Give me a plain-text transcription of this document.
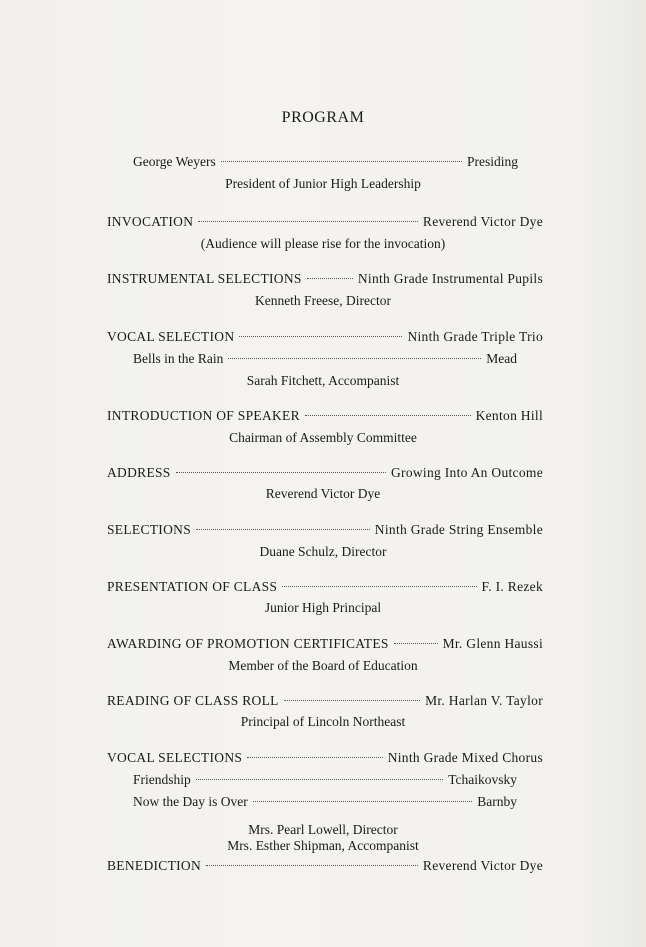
PROGRAM
George Weyers	Presiding
President of Junior High Leadership
INVOCATION	Reverend Victor Dye
(Audience will please rise for the invocation)
INSTRUMENTAL SELECTIONS	Ninth Grade Instrumental Pupils
Kenneth Freese, Director
VOCAL SELECTION	Ninth Grade Triple Trio
Bells in the Rain	Mead
Sarah Fitchett, Accompanist
INTRODUCTION OF SPEAKER	Kenton Hill
Chairman of Assembly Committee
ADDRESS	Growing Into An Outcome
Reverend Victor Dye
SELECTIONS	Ninth Grade String Ensemble
Duane Schulz, Director
PRESENTATION OF CLASS	F. I. Rezek
Junior High Principal
AWARDING OF PROMOTION CERTIFICATES	Mr. Glenn Haussi
Member of the Board of Education
READING OF CLASS ROLL	Mr. Harlan V. Taylor
Principal of Lincoln Northeast
VOCAL SELECTIONS	Ninth Grade Mixed Chorus
Friendship	Tchaikovsky
Now the Day is Over	Barnby
Mrs. Pearl Lowell, Director
Mrs. Esther Shipman, Accompanist
BENEDICTION	Reverend Victor Dye
